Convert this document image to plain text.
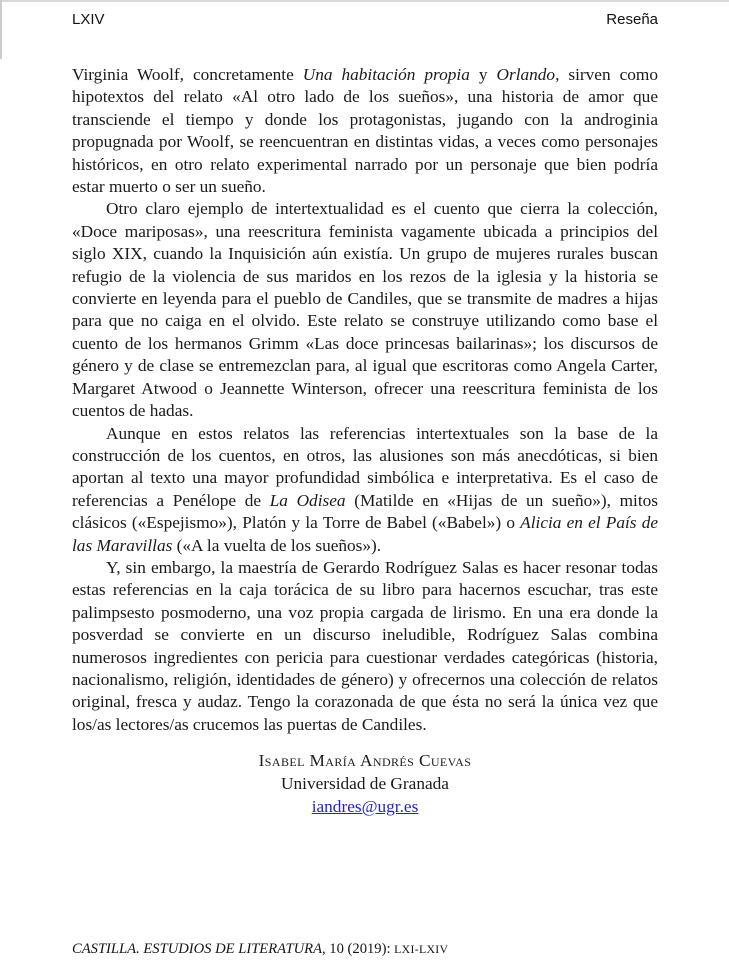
LXIV	Reseña

Virginia Woolf, concretamente Una habitación propia y Orlando, sirven como hipotextos del relato «Al otro lado de los sueños», una historia de amor que transciende el tiempo y donde los protagonistas, jugando con la androginia propugnada por Woolf, se reencuentran en distintas vidas, a veces como personajes históricos, en otro relato experimental narrado por un personaje que bien podría estar muerto o ser un sueño.

Otro claro ejemplo de intertextualidad es el cuento que cierra la colección, «Doce mariposas», una reescritura feminista vagamente ubicada a principios del siglo XIX, cuando la Inquisición aún existía. Un grupo de mujeres rurales buscan refugio de la violencia de sus maridos en los rezos de la iglesia y la historia se convierte en leyenda para el pueblo de Candiles, que se transmite de madres a hijas para que no caiga en el olvido. Este relato se construye utilizando como base el cuento de los hermanos Grimm «Las doce princesas bailarinas»; los discursos de género y de clase se entremezclan para, al igual que escritoras como Angela Carter, Margaret Atwood o Jeannette Winterson, ofrecer una reescritura feminista de los cuentos de hadas.

Aunque en estos relatos las referencias intertextuales son la base de la construcción de los cuentos, en otros, las alusiones son más anecdóticas, si bien aportan al texto una mayor profundidad simbólica e interpretativa. Es el caso de referencias a Penélope de La Odisea (Matilde en «Hijas de un sueño»), mitos clásicos («Espejismo»), Platón y la Torre de Babel («Babel») o Alicia en el País de las Maravillas («A la vuelta de los sueños»).

Y, sin embargo, la maestría de Gerardo Rodríguez Salas es hacer resonar todas estas referencias en la caja torácica de su libro para hacernos escuchar, tras este palimpsesto posmoderno, una voz propia cargada de lirismo. En una era donde la posverdad se convierte en un discurso ineludible, Rodríguez Salas combina numerosos ingredientes con pericia para cuestionar verdades categóricas (historia, nacionalismo, religión, identidades de género) y ofrecernos una colección de relatos original, fresca y audaz. Tengo la corazonada de que ésta no será la única vez que los/as lectores/as crucemos las puertas de Candiles.

Isabel María Andrés Cuevas
Universidad de Granada
iandres@ugr.es
CASTILLA. ESTUDIOS DE LITERATURA, 10 (2019): LXI-LXIV
